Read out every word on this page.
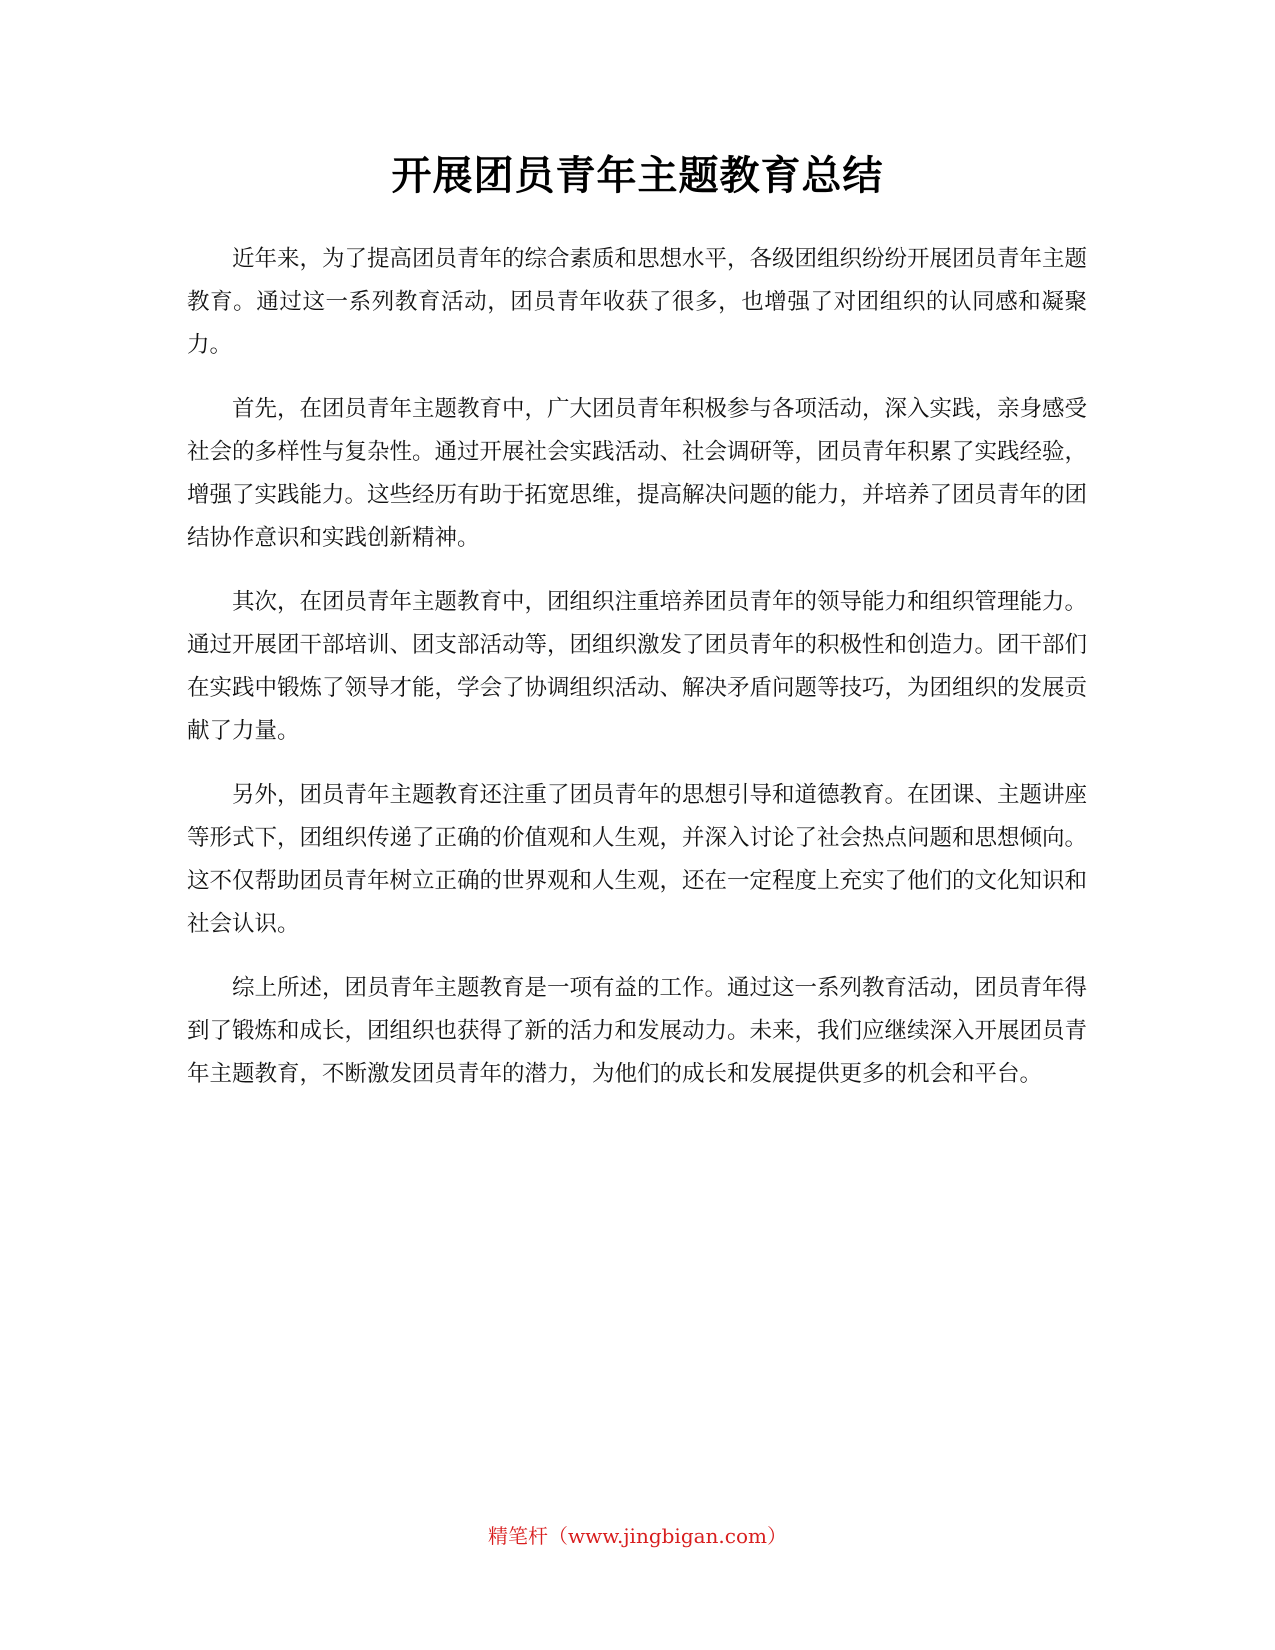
开展团员青年主题教育总结

近年来，为了提高团员青年的综合素质和思想水平，各级团组织纷纷开展团员青年主题教育。通过这一系列教育活动，团员青年收获了很多，也增强了对团组织的认同感和凝聚力。

首先，在团员青年主题教育中，广大团员青年积极参与各项活动，深入实践，亲身感受社会的多样性与复杂性。通过开展社会实践活动、社会调研等，团员青年积累了实践经验，增强了实践能力。这些经历有助于拓宽思维，提高解决问题的能力，并培养了团员青年的团结协作意识和实践创新精神。

其次，在团员青年主题教育中，团组织注重培养团员青年的领导能力和组织管理能力。通过开展团干部培训、团支部活动等，团组织激发了团员青年的积极性和创造力。团干部们在实践中锻炼了领导才能，学会了协调组织活动、解决矛盾问题等技巧，为团组织的发展贡献了力量。

另外，团员青年主题教育还注重了团员青年的思想引导和道德教育。在团课、主题讲座等形式下，团组织传递了正确的价值观和人生观，并深入讨论了社会热点问题和思想倾向。这不仅帮助团员青年树立正确的世界观和人生观，还在一定程度上充实了他们的文化知识和社会认识。

综上所述，团员青年主题教育是一项有益的工作。通过这一系列教育活动，团员青年得到了锻炼和成长，团组织也获得了新的活力和发展动力。未来，我们应继续深入开展团员青年主题教育，不断激发团员青年的潜力，为他们的成长和发展提供更多的机会和平台。

精笔杆（www.jingbigan.com）
